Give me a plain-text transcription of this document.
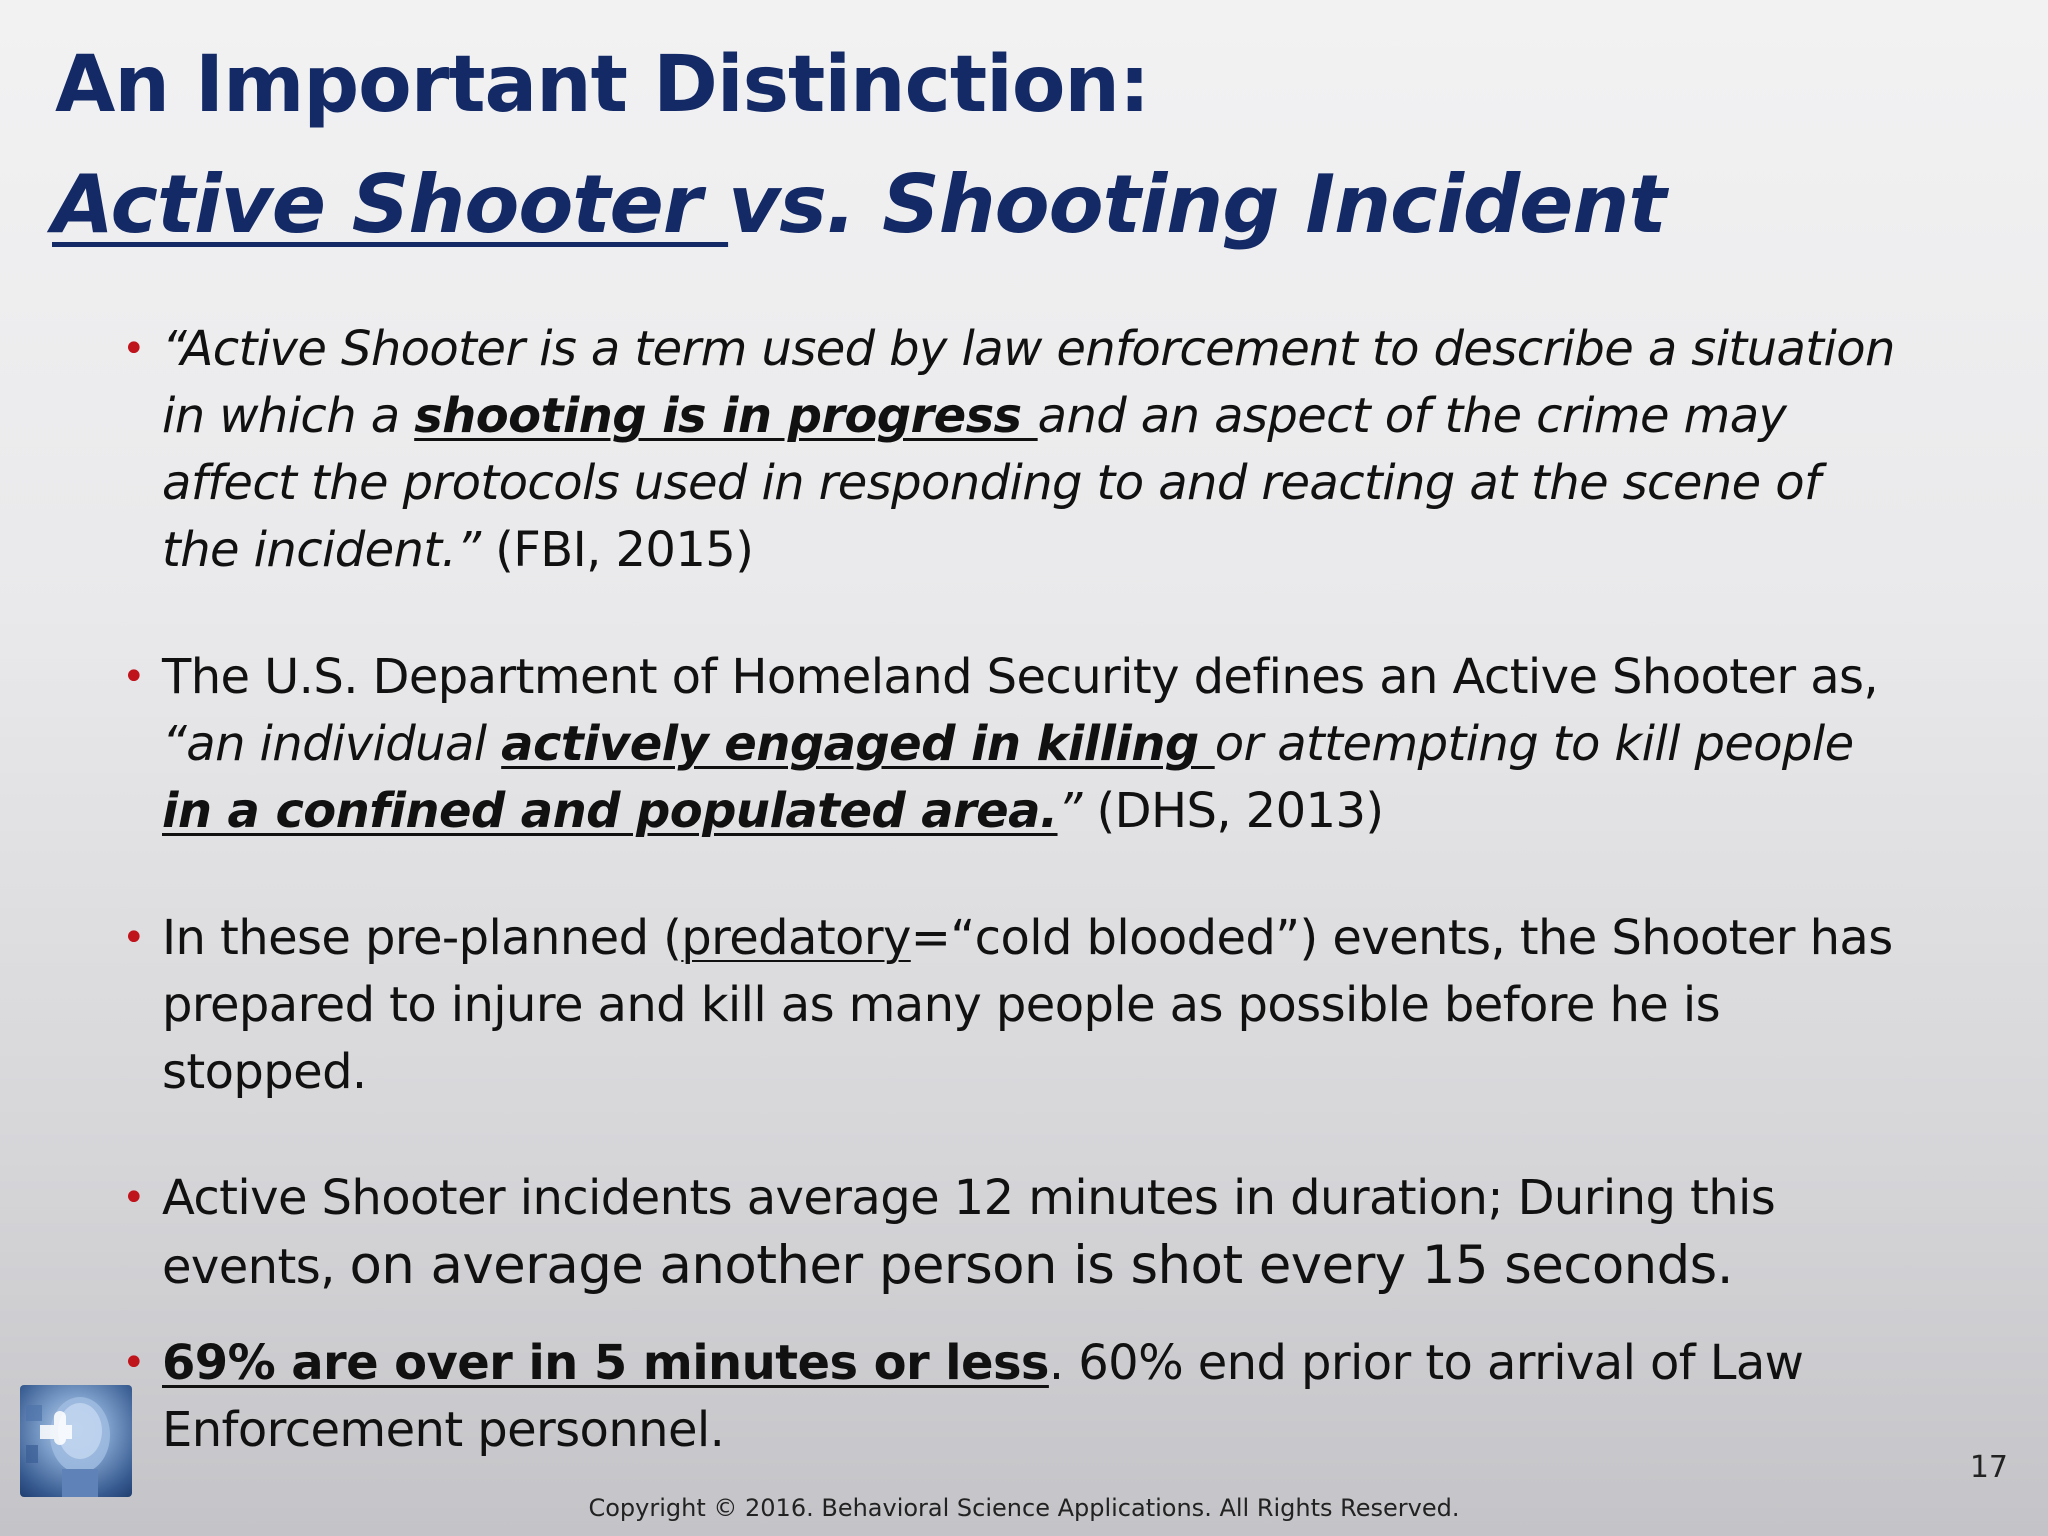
An Important Distinction:
Active Shooter vs. Shooting Incident
• “Active Shooter is a term used by law enforcement to describe a situation in which a shooting is in progress and an aspect of the crime may affect the protocols used in responding to and reacting at the scene of the incident.” (FBI, 2015)
• The U.S. Department of Homeland Security defines an Active Shooter as, “an individual actively engaged in killing or attempting to kill people in a confined and populated area.” (DHS, 2013)
• In these pre-planned (predatory=“cold blooded”) events, the Shooter has prepared to injure and kill as many people as possible before he is stopped.
• Active Shooter incidents average 12 minutes in duration; During this events, on average another person is shot every 15 seconds.
• 69% are over in 5 minutes or less. 60% end prior to arrival of Law Enforcement personnel.
17
Copyright © 2016. Behavioral Science Applications. All Rights Reserved.
